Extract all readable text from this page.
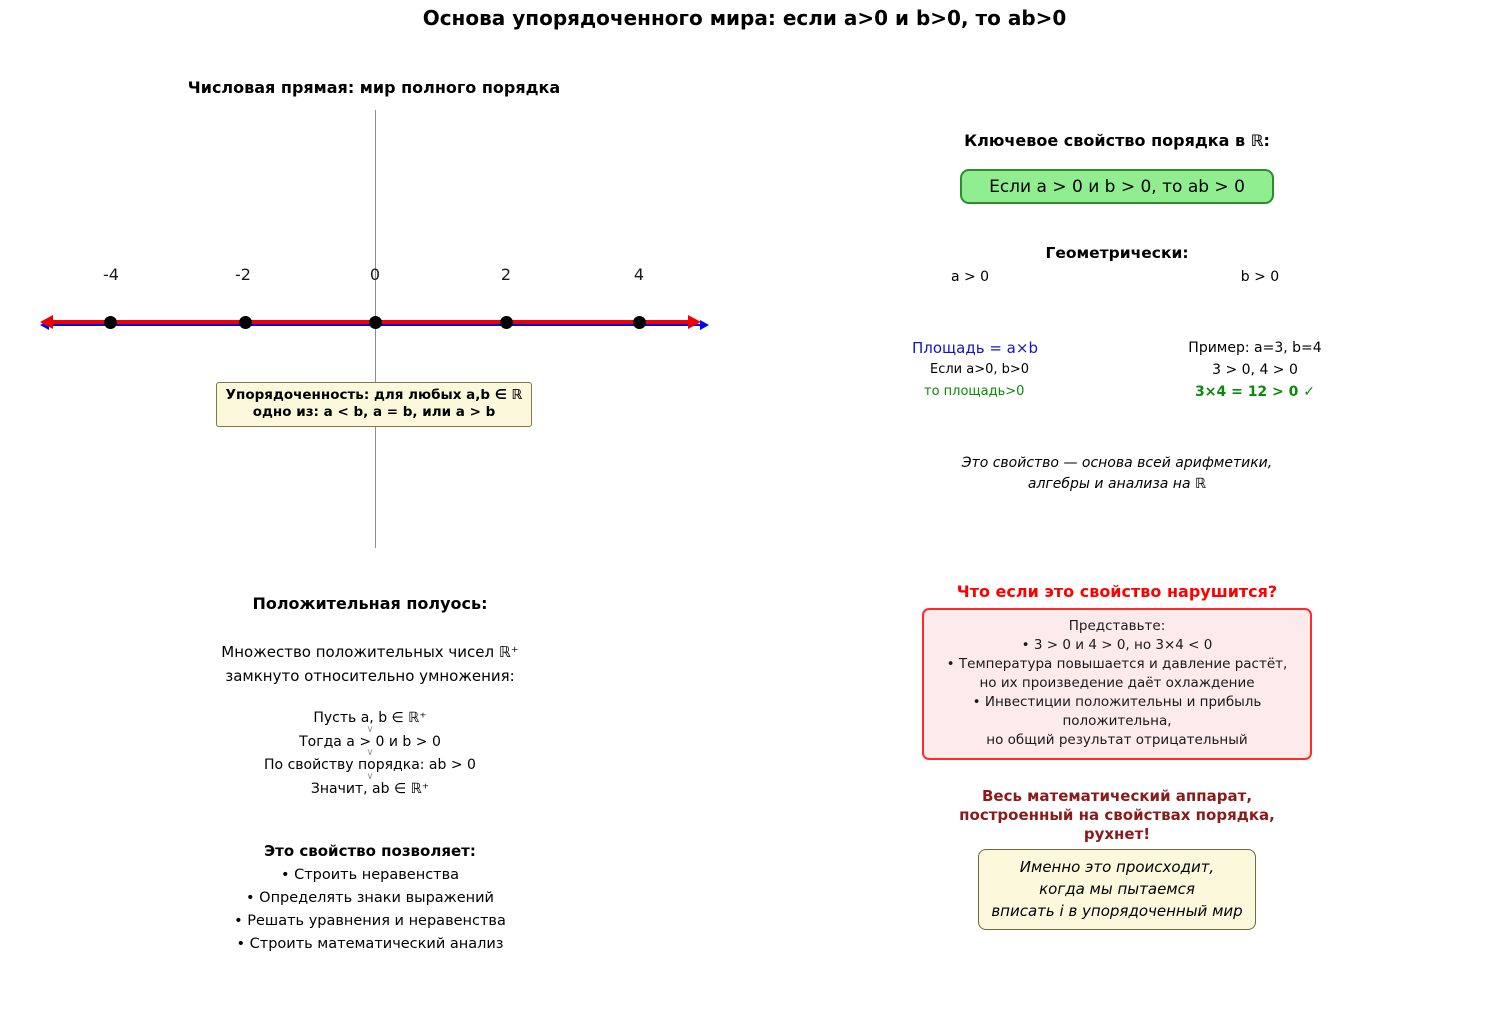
Основа упорядоченного мира: если a>0 и b>0, то ab>0
Числовая прямая: мир полного порядка
-4	-2	0	2	4
Упорядоченность: для любых a,b ∈ ℝ
одно из: a < b, a = b, или a > b
Положительная полуось:
Множество положительных чисел ℝ⁺
замкнуто относительно умножения:
Пусть a, b ∈ ℝ⁺
∨
Тогда a > 0 и b > 0
∨
По свойству порядка: ab > 0
∨
Значит, ab ∈ ℝ⁺
Это свойство позволяет:
• Строить неравенства
• Определять знаки выражений
• Решать уравнения и неравенства
• Строить математический анализ
Ключевое свойство порядка в ℝ:
Если a > 0 и b > 0, то ab > 0
Геометрически:
a > 0	b > 0
Площадь = a×b
Если a>0, b>0
то площадь>0
Пример: a=3, b=4
3 > 0, 4 > 0
3×4 = 12 > 0 ✓
Это свойство — основа всей арифметики,
алгебры и анализа на ℝ
Что если это свойство нарушится?
Представьте:
• 3 > 0 и 4 > 0, но 3×4 < 0
• Температура повышается и давление растёт,
но их произведение даёт охлаждение
• Инвестиции положительны и прибыль положительна,
но общий результат отрицательный
Весь математический аппарат,
построенный на свойствах порядка,
рухнет!
Именно это происходит,
когда мы пытаемся
вписать i в упорядоченный мир
